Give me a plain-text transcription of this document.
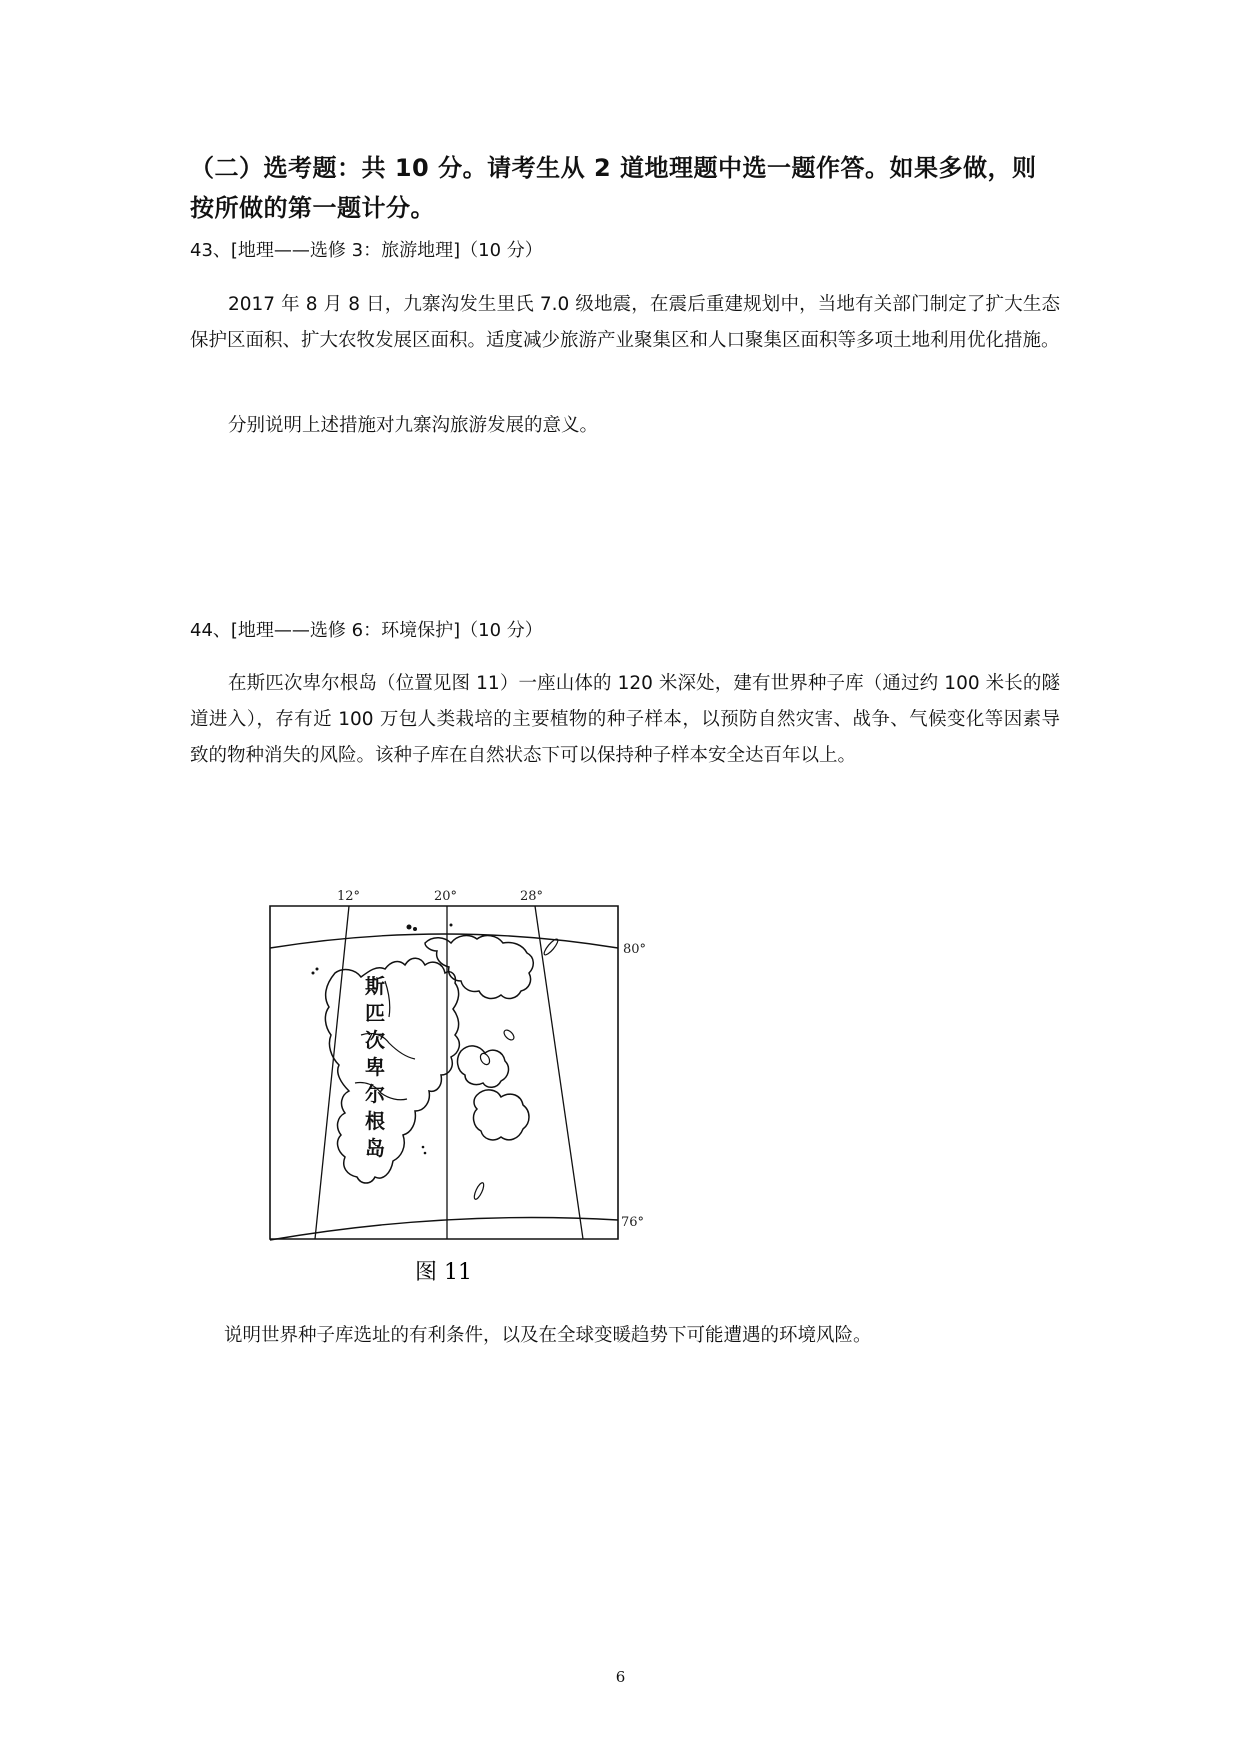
（二）选考题：共 10 分。请考生从 2 道地理题中选一题作答。如果多做，则按所做的第一题计分。
43、[地理——选修 3：旅游地理]（10 分）
2017 年 8 月 8 日，九寨沟发生里氏 7.0 级地震，在震后重建规划中，当地有关部门制定了扩大生态保护区面积、扩大农牧发展区面积。适度减少旅游产业聚集区和人口聚集区面积等多项土地利用优化措施。
分别说明上述措施对九寨沟旅游发展的意义。
44、[地理——选修 6：环境保护]（10 分）
在斯匹次卑尔根岛（位置见图 11）一座山体的 120 米深处，建有世界种子库（通过约 100 米长的隧道进入），存有近 100 万包人类栽培的主要植物的种子样本，以预防自然灾害、战争、气候变化等因素导致的物种消失的风险。该种子库在自然状态下可以保持种子样本安全达百年以上。
12°	20°	28°
80°
76°
斯
匹
次
卑
尔
根
岛
图 11
说明世界种子库选址的有利条件，以及在全球变暖趋势下可能遭遇的环境风险。
6
